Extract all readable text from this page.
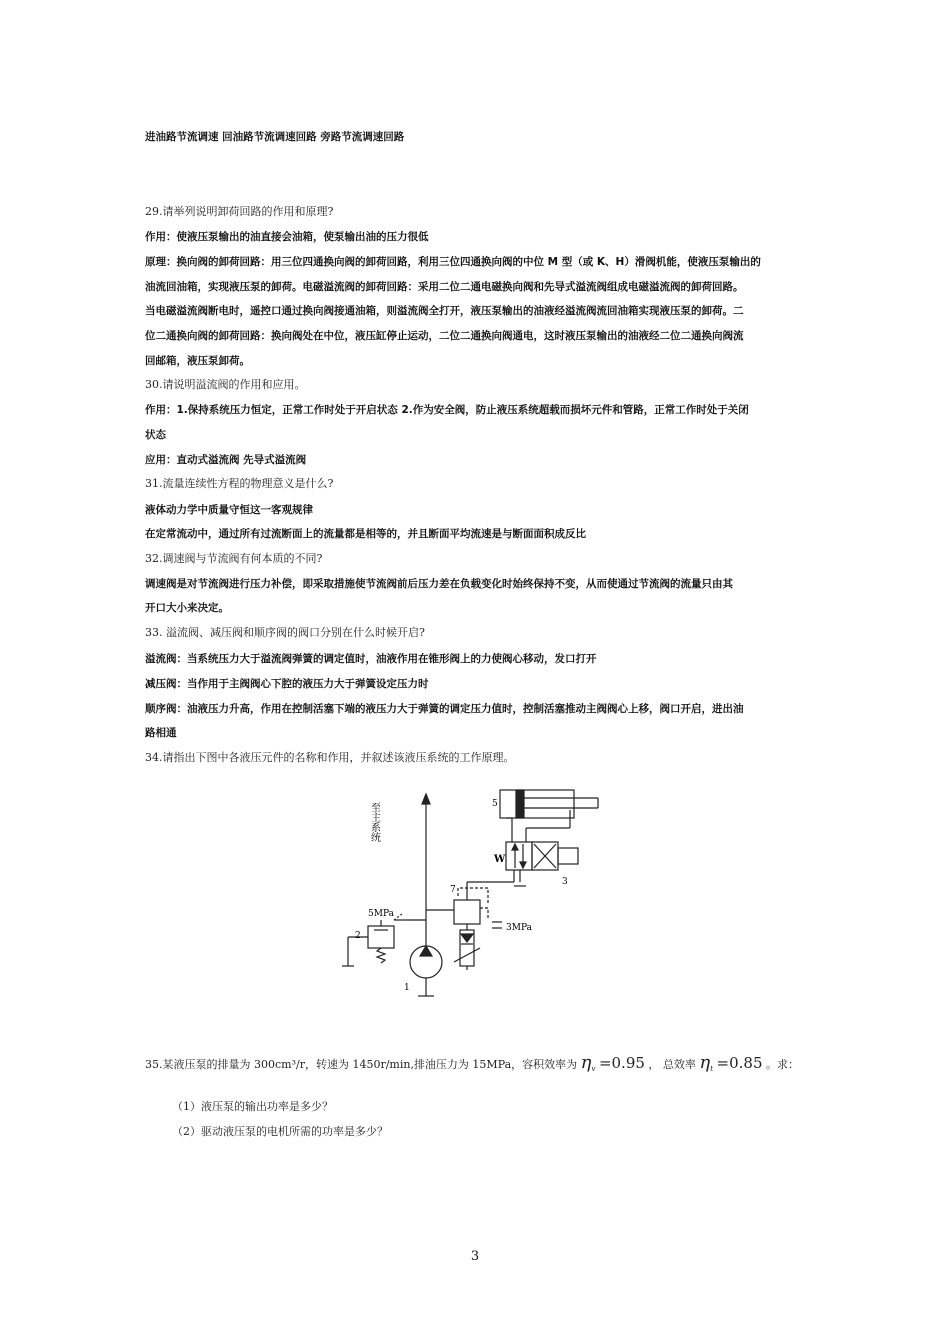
进油路节流调速 回油路节流调速回路 旁路节流调速回路
29.请举列说明卸荷回路的作用和原理?
作用：使液压泵输出的油直接会油箱，使泵输出油的压力很低
原理：换向阀的卸荷回路：用三位四通换向阀的卸荷回路，利用三位四通换向阀的中位 M 型（或 K、H）滑阀机能，使液压泵输出的
油流回油箱，实现液压泵的卸荷。电磁溢流阀的卸荷回路：采用二位二通电磁换向阀和先导式溢流阀组成电磁溢流阀的卸荷回路。
当电磁溢流阀断电时，遥控口通过换向阀接通油箱，则溢流阀全打开，液压泵输出的油液经溢流阀流回油箱实现液压泵的卸荷。二
位二通换向阀的卸荷回路：换向阀处在中位，液压缸停止运动，二位二通换向阀通电，这时液压泵输出的油液经二位二通换向阀流
回邮箱，液压泵卸荷。
30.请说明溢流阀的作用和应用。
作用：1.保持系统压力恒定，正常工作时处于开启状态 2.作为安全阀，防止液压系统超载而损坏元件和管路，正常工作时处于关闭
状态
应用：直动式溢流阀 先导式溢流阀
31.流量连续性方程的物理意义是什么?
液体动力学中质量守恒这一客观规律
在定常流动中，通过所有过流断面上的流量都是相等的，并且断面平均流速是与断面面积成反比
32.调速阀与节流阀有何本质的不同?
调速阀是对节流阀进行压力补偿，即采取措施使节流阀前后压力差在负载变化时始终保持不变，从而使通过节流阀的流量只由其
开口大小来决定。
33. 溢流阀、减压阀和顺序阀的阀口分别在什么时候开启?
溢流阀：当系统压力大于溢流阀弹簧的调定值时，油液作用在锥形阀上的力使阀心移动，发口打开
减压阀：当作用于主阀阀心下腔的液压力大于弹簧设定压力时
顺序阀：油液压力升高，作用在控制活塞下端的液压力大于弹簧的调定压力值时，控制活塞推动主阀阀心上移，阀口开启，进出油
路相通
34.请指出下图中各液压元件的名称和作用，并叙述该液压系统的工作原理。
至主系统
5MPa
3MPa
1
2
3
5
7
W
35.某液压泵的排量为 300cm³/r，转速为 1450r/min,排油压力为 15MPa，容积效率为 ηv =0.95 ， 总效率 ηt =0.85 。求：
（1）液压泵的输出功率是多少？
（2）驱动液压泵的电机所需的功率是多少？
3
